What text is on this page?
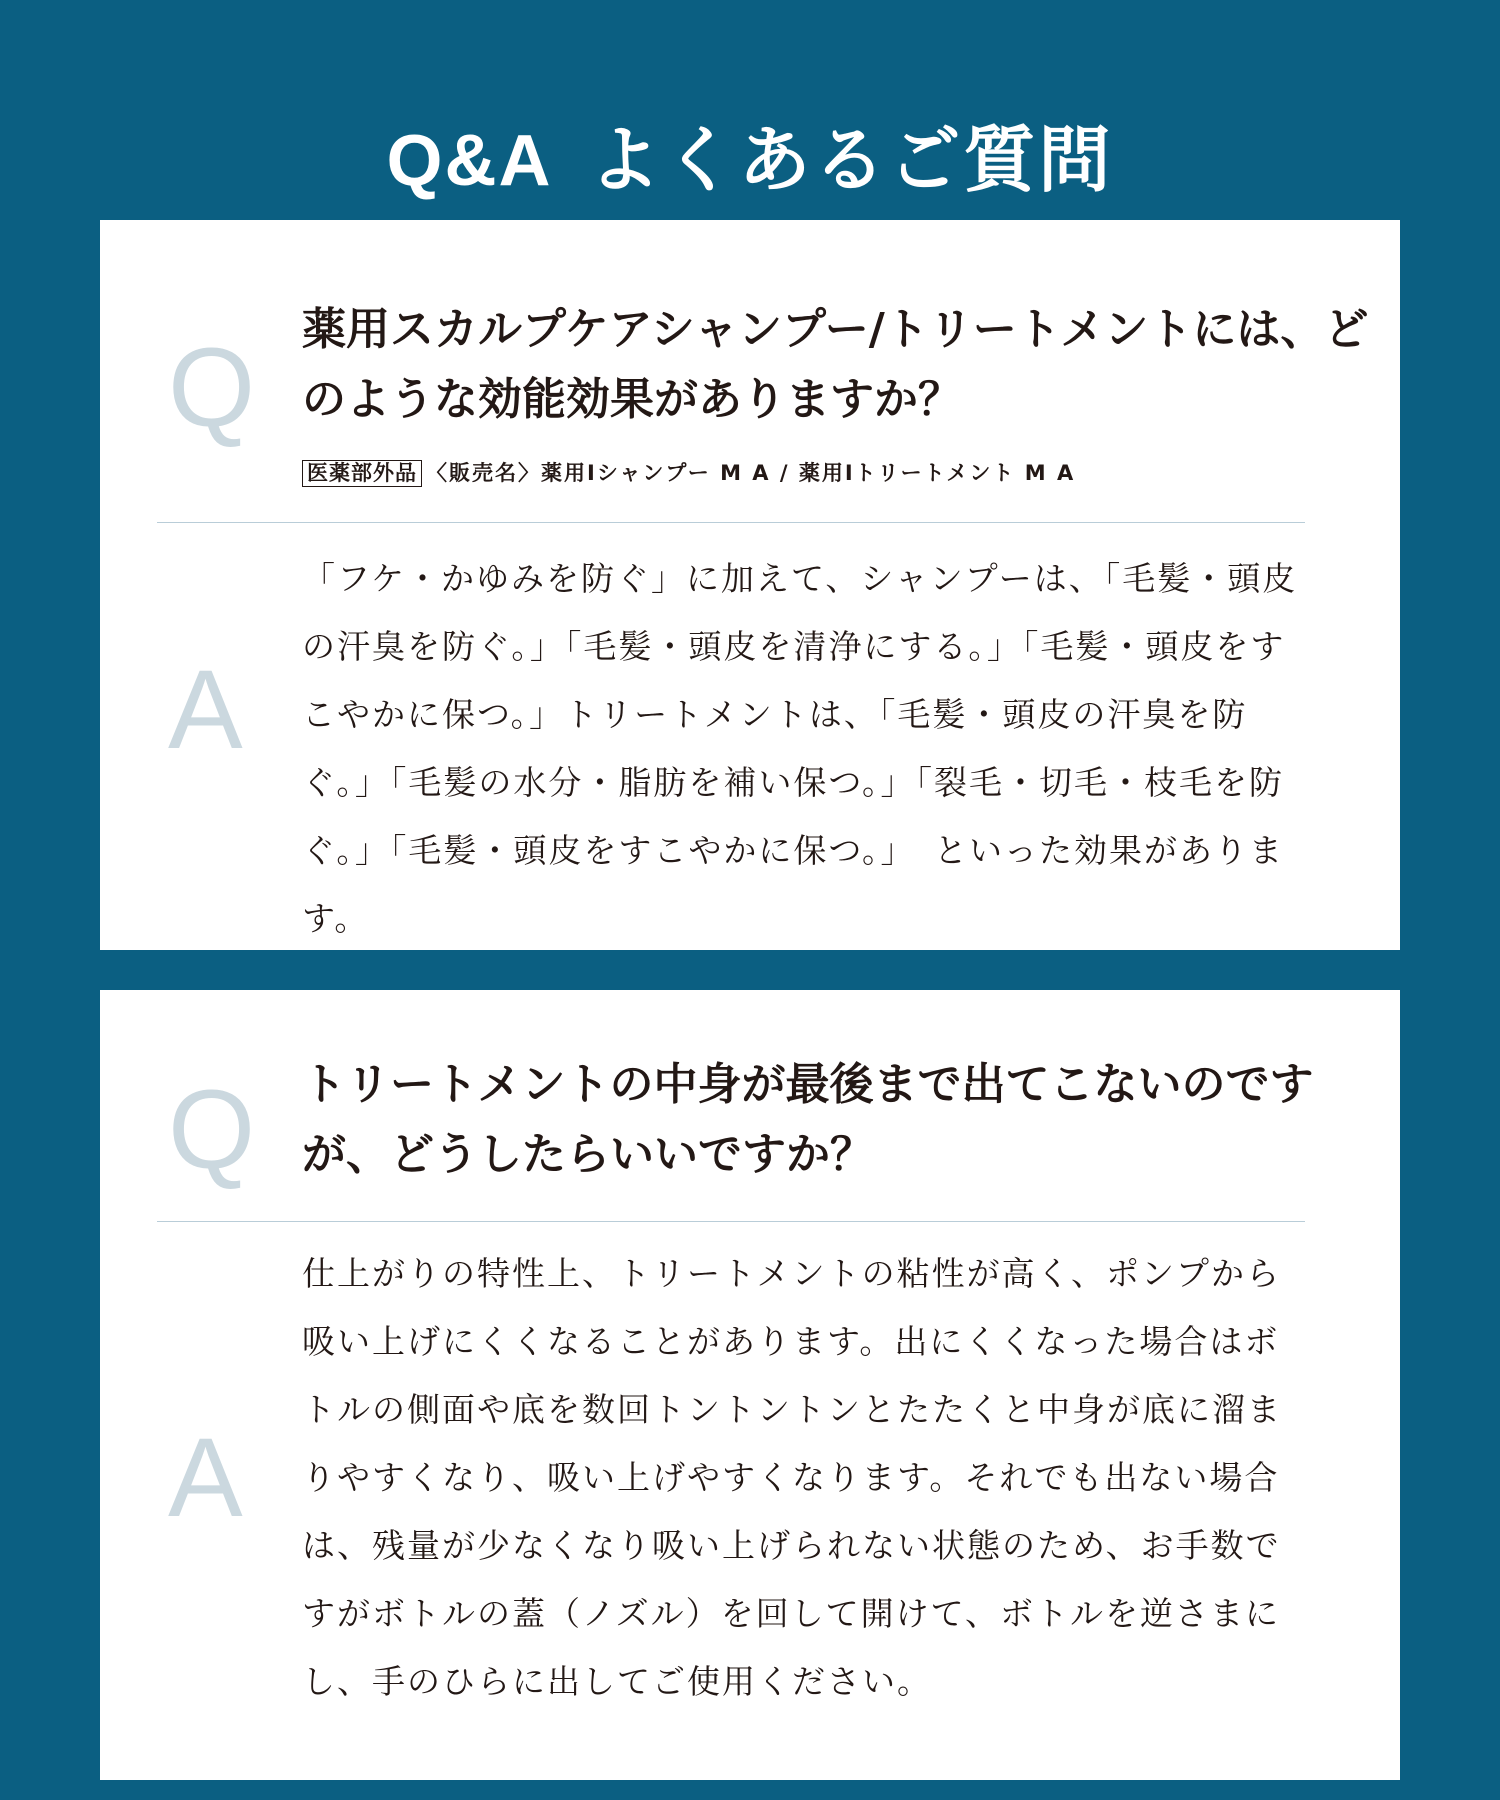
Q&A よくあるご質問
Q 薬用スカルプケアシャンプー/トリートメントには、どのような効能効果がありますか？
医薬部外品 〈販売名〉薬用Ⅰシャンプー M A / 薬用Ⅰトリートメント M A
A

「フケ・かゆみを防ぐ」に加えて、シャンプーは、「毛髪・頭皮の汗臭を防ぐ。」「毛髪・頭皮を清浄にする。」「毛髪・頭皮をすこやかに保つ。」トリートメントは、「毛髪・頭皮の汗臭を防ぐ。」「毛髪の水分・脂肪を補い保つ。」「裂毛・切毛・枝毛を防ぐ。」「毛髪・頭皮をすこやかに保つ。」　といった効果があります。

Q トリートメントの中身が最後まで出てこないのですが、どうしたらいいですか？
A

仕上がりの特性上、トリートメントの粘性が高く、ポンプから吸い上げにくくなることがあります。出にくくなった場合はボトルの側面や底を数回トントントンとたたくと中身が底に溜まりやすくなり、吸い上げやすくなります。それでも出ない場合は、残量が少なくなり吸い上げられない状態のため、お手数ですがボトルの蓋（ノズル）を回して開けて、ボトルを逆さまにし、手のひらに出してご使用ください。
